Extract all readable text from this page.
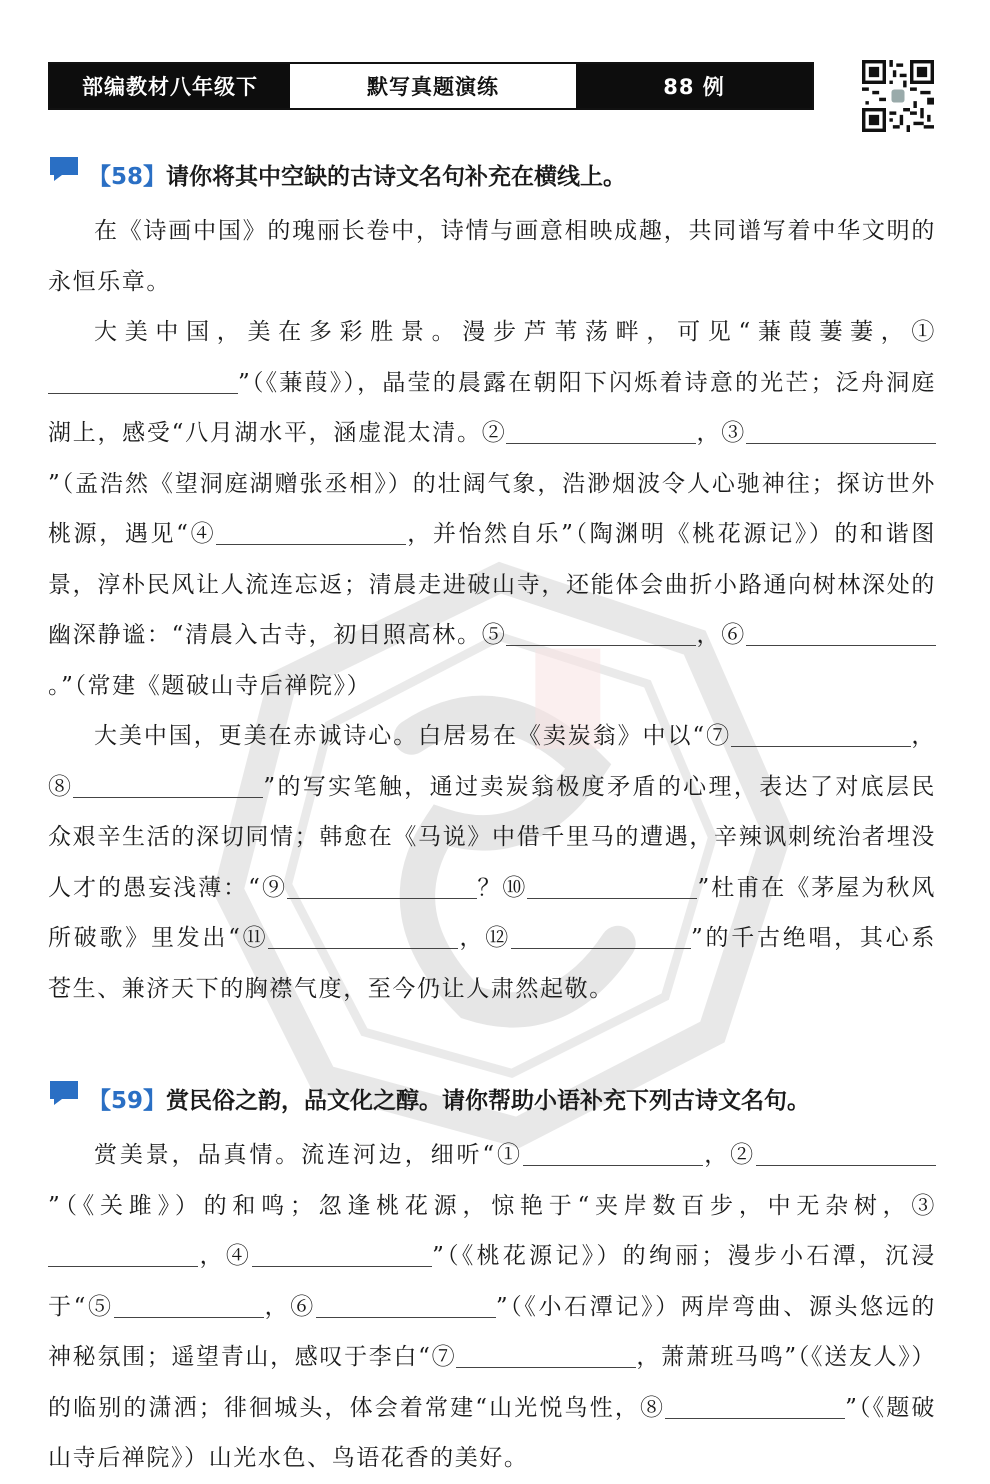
部编教材八年级下	默写真题演练	88 例
【58】 请你将其中空缺的古诗文名句补充在横线上。

在《诗画中国》的瑰丽长卷中，诗情与画意相映成趣，共同谱写着中华文明的永恒乐章。

大美中国，美在多彩胜景。漫步芦苇荡畔，可见“蒹葭萋萋，①”（《蒹葭》），晶莹的晨露在朝阳下闪烁着诗意的光芒；泛舟洞庭湖上，感受“八月湖水平，涵虚混太清。②	，③”（孟浩然《望洞庭湖赠张丞相》）的壮阔气象，浩渺烟波令人心驰神往；探访世外桃源，遇见“④	，并怡然自乐”（陶渊明《桃花源记》）的和谐图景，淳朴民风让人流连忘返；清晨走进破山寺，还能体会曲折小路通向树林深处的幽深静谧：“清晨入古寺，初日照高林。⑤	，⑥。”（常建《题破山寺后禅院》）

大美中国，更美在赤诚诗心。白居易在《卖炭翁》中以“⑦	，⑧	”的写实笔触，通过卖炭翁极度矛盾的心理，表达了对底层民众艰辛生活的深切同情；韩愈在《马说》中借千里马的遭遇，辛辣讽刺统治者埋没人才的愚妄浅薄：“⑨	？⑩	”杜甫在《茅屋为秋风所破歌》里发出“⑪	，⑫	”的千古绝唱，其心系苍生、兼济天下的胸襟气度，至今仍让人肃然起敬。

【59】 赏民俗之韵，品文化之醇。请你帮助小语补充下列古诗文名句。

赏美景，品真情。流连河边，细听“①	，②”（《关雎》）的和鸣；忽逢桃花源，惊艳于“夹岸数百步，中无杂树，③，④	”（《桃花源记》）的绚丽；漫步小石潭，沉浸于“⑤	，⑥	”（《小石潭记》）两岸弯曲、源头悠远的神秘氛围；遥望青山，感叹于李白“⑦	，萧萧班马鸣”（《送友人》）的临别的潇洒；徘徊城头，体会着常建“山光悦鸟性，⑧	”（《题破山寺后禅院》）山光水色、鸟语花香的美好。
